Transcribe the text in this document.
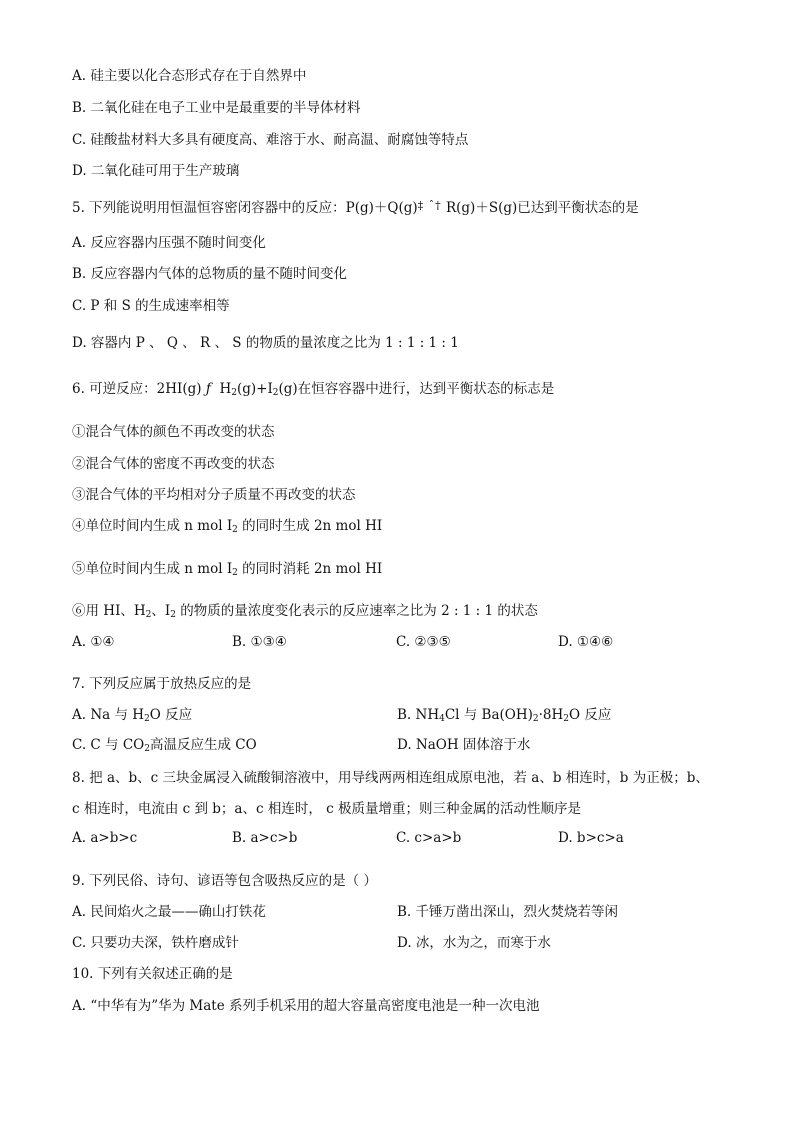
A. 硅主要以化合态形式存在于自然界中
B. 二氧化硅在电子工业中是最重要的半导体材料
C. 硅酸盐材料大多具有硬度高、难溶于水、耐高温、耐腐蚀等特点
D. 二氧化硅可用于生产玻璃
5. 下列能说明用恒温恒容密闭容器中的反应：$P(g)+Q(g)^{\ddagger ˆ\dagger}$ R(g)＋S(g)已达到平衡状态的是
A. 反应容器内压强不随时间变化
B. 反应容器内气体的总物质的量不随时间变化
C. P 和 S 的生成速率相等
D. 容器内 P 、 Q 、 R 、 S 的物质的量浓度之比为 1 : 1 : 1 : 1
6. 可逆反应：2HI(g) ƒ $H_2(g)+I_2(g)$在恒容容器中进行，达到平衡状态的标志是
①混合气体的颜色不再改变的状态
②混合气体的密度不再改变的状态
③混合气体的平均相对分子质量不再改变的状态
④单位时间内生成 n mol $I_2$ 的同时生成 2n mol HI
⑤单位时间内生成 n mol $I_2$ 的同时消耗 2n mol HI
⑥用 HI、$H_2$、$I_2$ 的物质的量浓度变化表示的反应速率之比为 2 : 1 : 1 的状态
A. ①④	B. ①③④	C. ②③⑤	D. ①④⑥
7. 下列反应属于放热反应的是
A. Na 与 $H_2O$ 反应	B. $NH_4Cl$ 与 $Ba(OH)_2\cdot 8H_2O$ 反应
C. C 与 $CO_2$高温反应生成 CO	D. NaOH 固体溶于水
8. 把 a、b、c 三块金属浸入硫酸铜溶液中，用导线两两相连组成原电池，若 a、b 相连时，b 为正极；b、
c 相连时，电流由 c 到 b；a、c 相连时， c 极质量增重；则三种金属的活动性顺序是
A. a>b>c	B. a>c>b	C. c>a>b	D. b>c>a
9. 下列民俗、诗句、谚语等包含吸热反应的是（ ）
A. 民间焰火之最——确山打铁花	B. 千锤万凿出深山，烈火焚烧若等闲
C. 只要功夫深，铁杵磨成针	D. 冰，水为之，而寒于水
10. 下列有关叙述正确的是
A. “中华有为”华为 Mate 系列手机采用的超大容量高密度电池是一种一次电池
